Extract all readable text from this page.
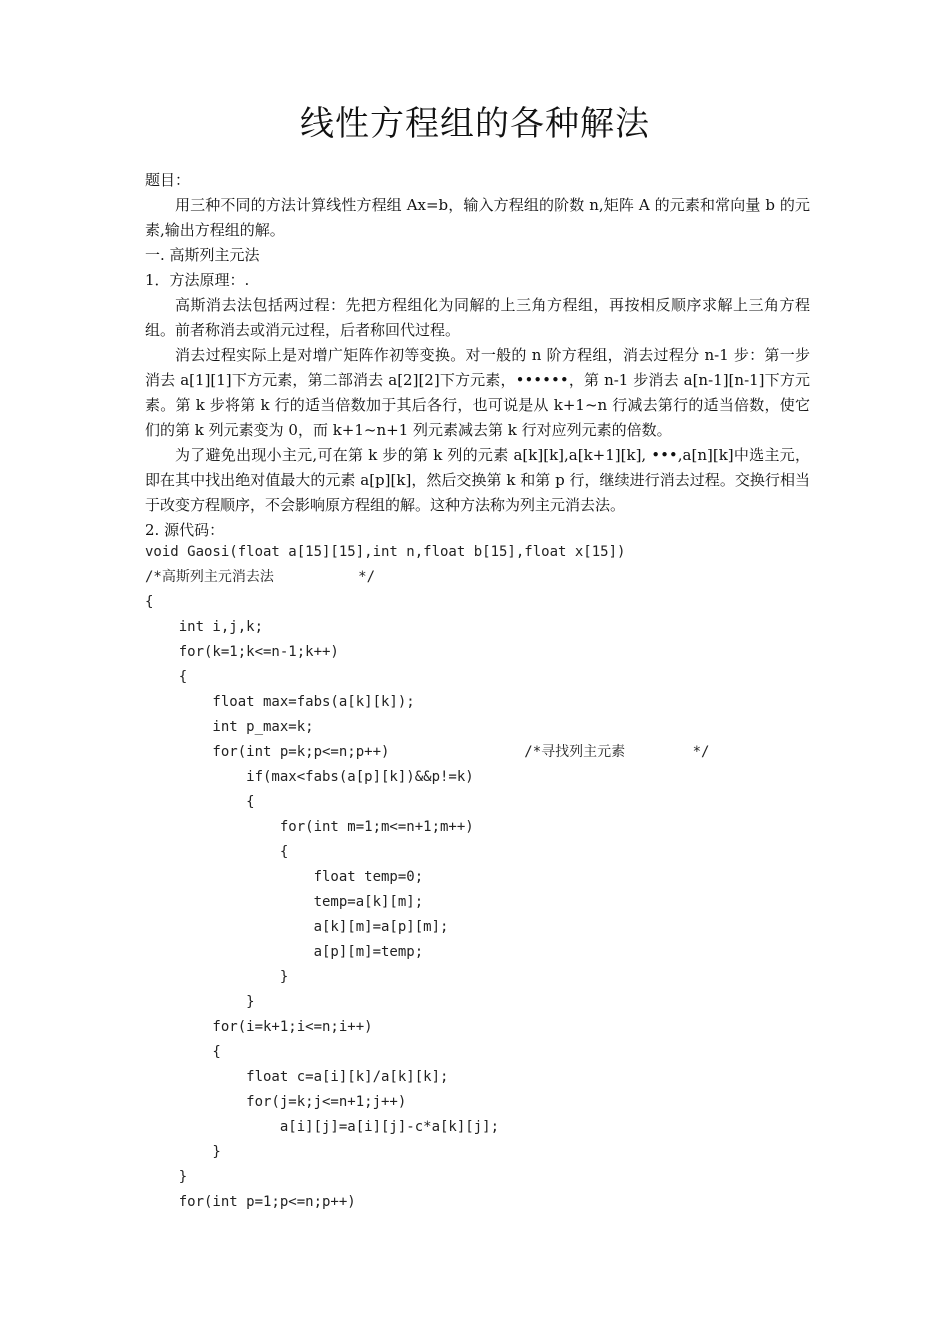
线性方程组的各种解法

题目：

用三种不同的方法计算线性方程组 Ax=b，输入方程组的阶数 n,矩阵 A 的元素和常向量 b 的元素,输出方程组的解。

一. 高斯列主元法

1．方法原理：.

高斯消去法包括两过程：先把方程组化为同解的上三角方程组，再按相反顺序求解上三角方程组。前者称消去或消元过程，后者称回代过程。

消去过程实际上是对增广矩阵作初等变换。对一般的 n 阶方程组，消去过程分 n-1 步：第一步消去 a[1][1]下方元素，第二部消去 a[2][2]下方元素，••••••，第 n-1 步消去 a[n-1][n-1]下方元素。第 k 步将第 k 行的适当倍数加于其后各行，也可说是从 k+1~n 行减去第行的适当倍数，使它们的第 k 列元素变为 0，而 k+1~n+1 列元素减去第 k 行对应列元素的倍数。

为了避免出现小主元,可在第 k 步的第 k 列的元素 a[k][k],a[k+1][k], •••,a[n][k]中选主元，即在其中找出绝对值最大的元素 a[p][k]，然后交换第 k 和第 p 行，继续进行消去过程。交换行相当于改变方程顺序，不会影响原方程组的解。这种方法称为列主元消去法。

2. 源代码：

void Gaosi(float a[15][15],int n,float b[15],float x[15])
/*高斯列主元消去法          */
{
int i,j,k;
for(k=1;k<=n-1;k++)
{
float max=fabs(a[k][k]);
int p_max=k;
for(int p=k;p<=n;p++)                /*寻找列主元素        */
if(max<fabs(a[p][k])&&p!=k)
{
for(int m=1;m<=n+1;m++)
{
float temp=0;
temp=a[k][m];
a[k][m]=a[p][m];
a[p][m]=temp;
}
}
for(i=k+1;i<=n;i++)
{
float c=a[i][k]/a[k][k];
for(j=k;j<=n+1;j++)
a[i][j]=a[i][j]-c*a[k][j];
}
}
for(int p=1;p<=n;p++)
